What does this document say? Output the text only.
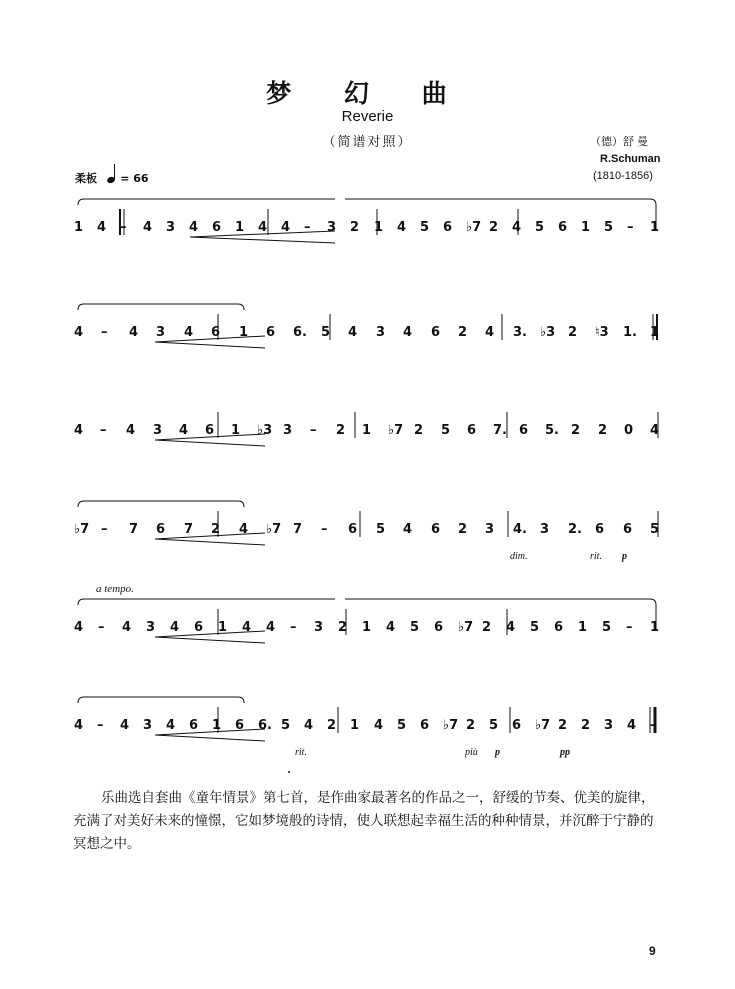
梦 幻 曲
Reverie
（简谱对照）	（德）舒 曼
R.Schuman
(1810-1856)
柔板 = 66
1 4 – 4 3 4 6 1 4 4 – 3 2 1 4 5 6 ♭7 2 4 5 6 1 5 – 1
4 – 4 3 4 6 1 6 6. 5 4 3 4 6 2 4 3. ♭3 2 ♮3 1. 1
4 – 4 3 4 6 1 ♭3 3 – 2 1 ♭7 2 5 6 7. 6 5. 2 2 0 4
♭7 – 7 6 7 2 4 ♭7 7 – 6 5 4 6 2 3 4. 3 2. 6 6 5
dim.	rit. p
a tempo.
4 – 4 3 4 6 1 4 4 – 3 2 1 4 5 6 ♭7 2 4 5 6 1 5 – 1
4 – 4 3 4 6 1 6 6. 5 4 2 1 4 5 6 ♭7 2 5 6 ♭7 2 2 3 4 –
rit.	più p	pp
乐曲选自套曲《童年情景》第七首，是作曲家最著名的作品之一，舒缓的节奏、优美的旋律，充满了对美好未来的憧憬，它如梦境般的诗情，使人联想起幸福生活的种种情景，并沉醉于宁静的冥想之中。
9
